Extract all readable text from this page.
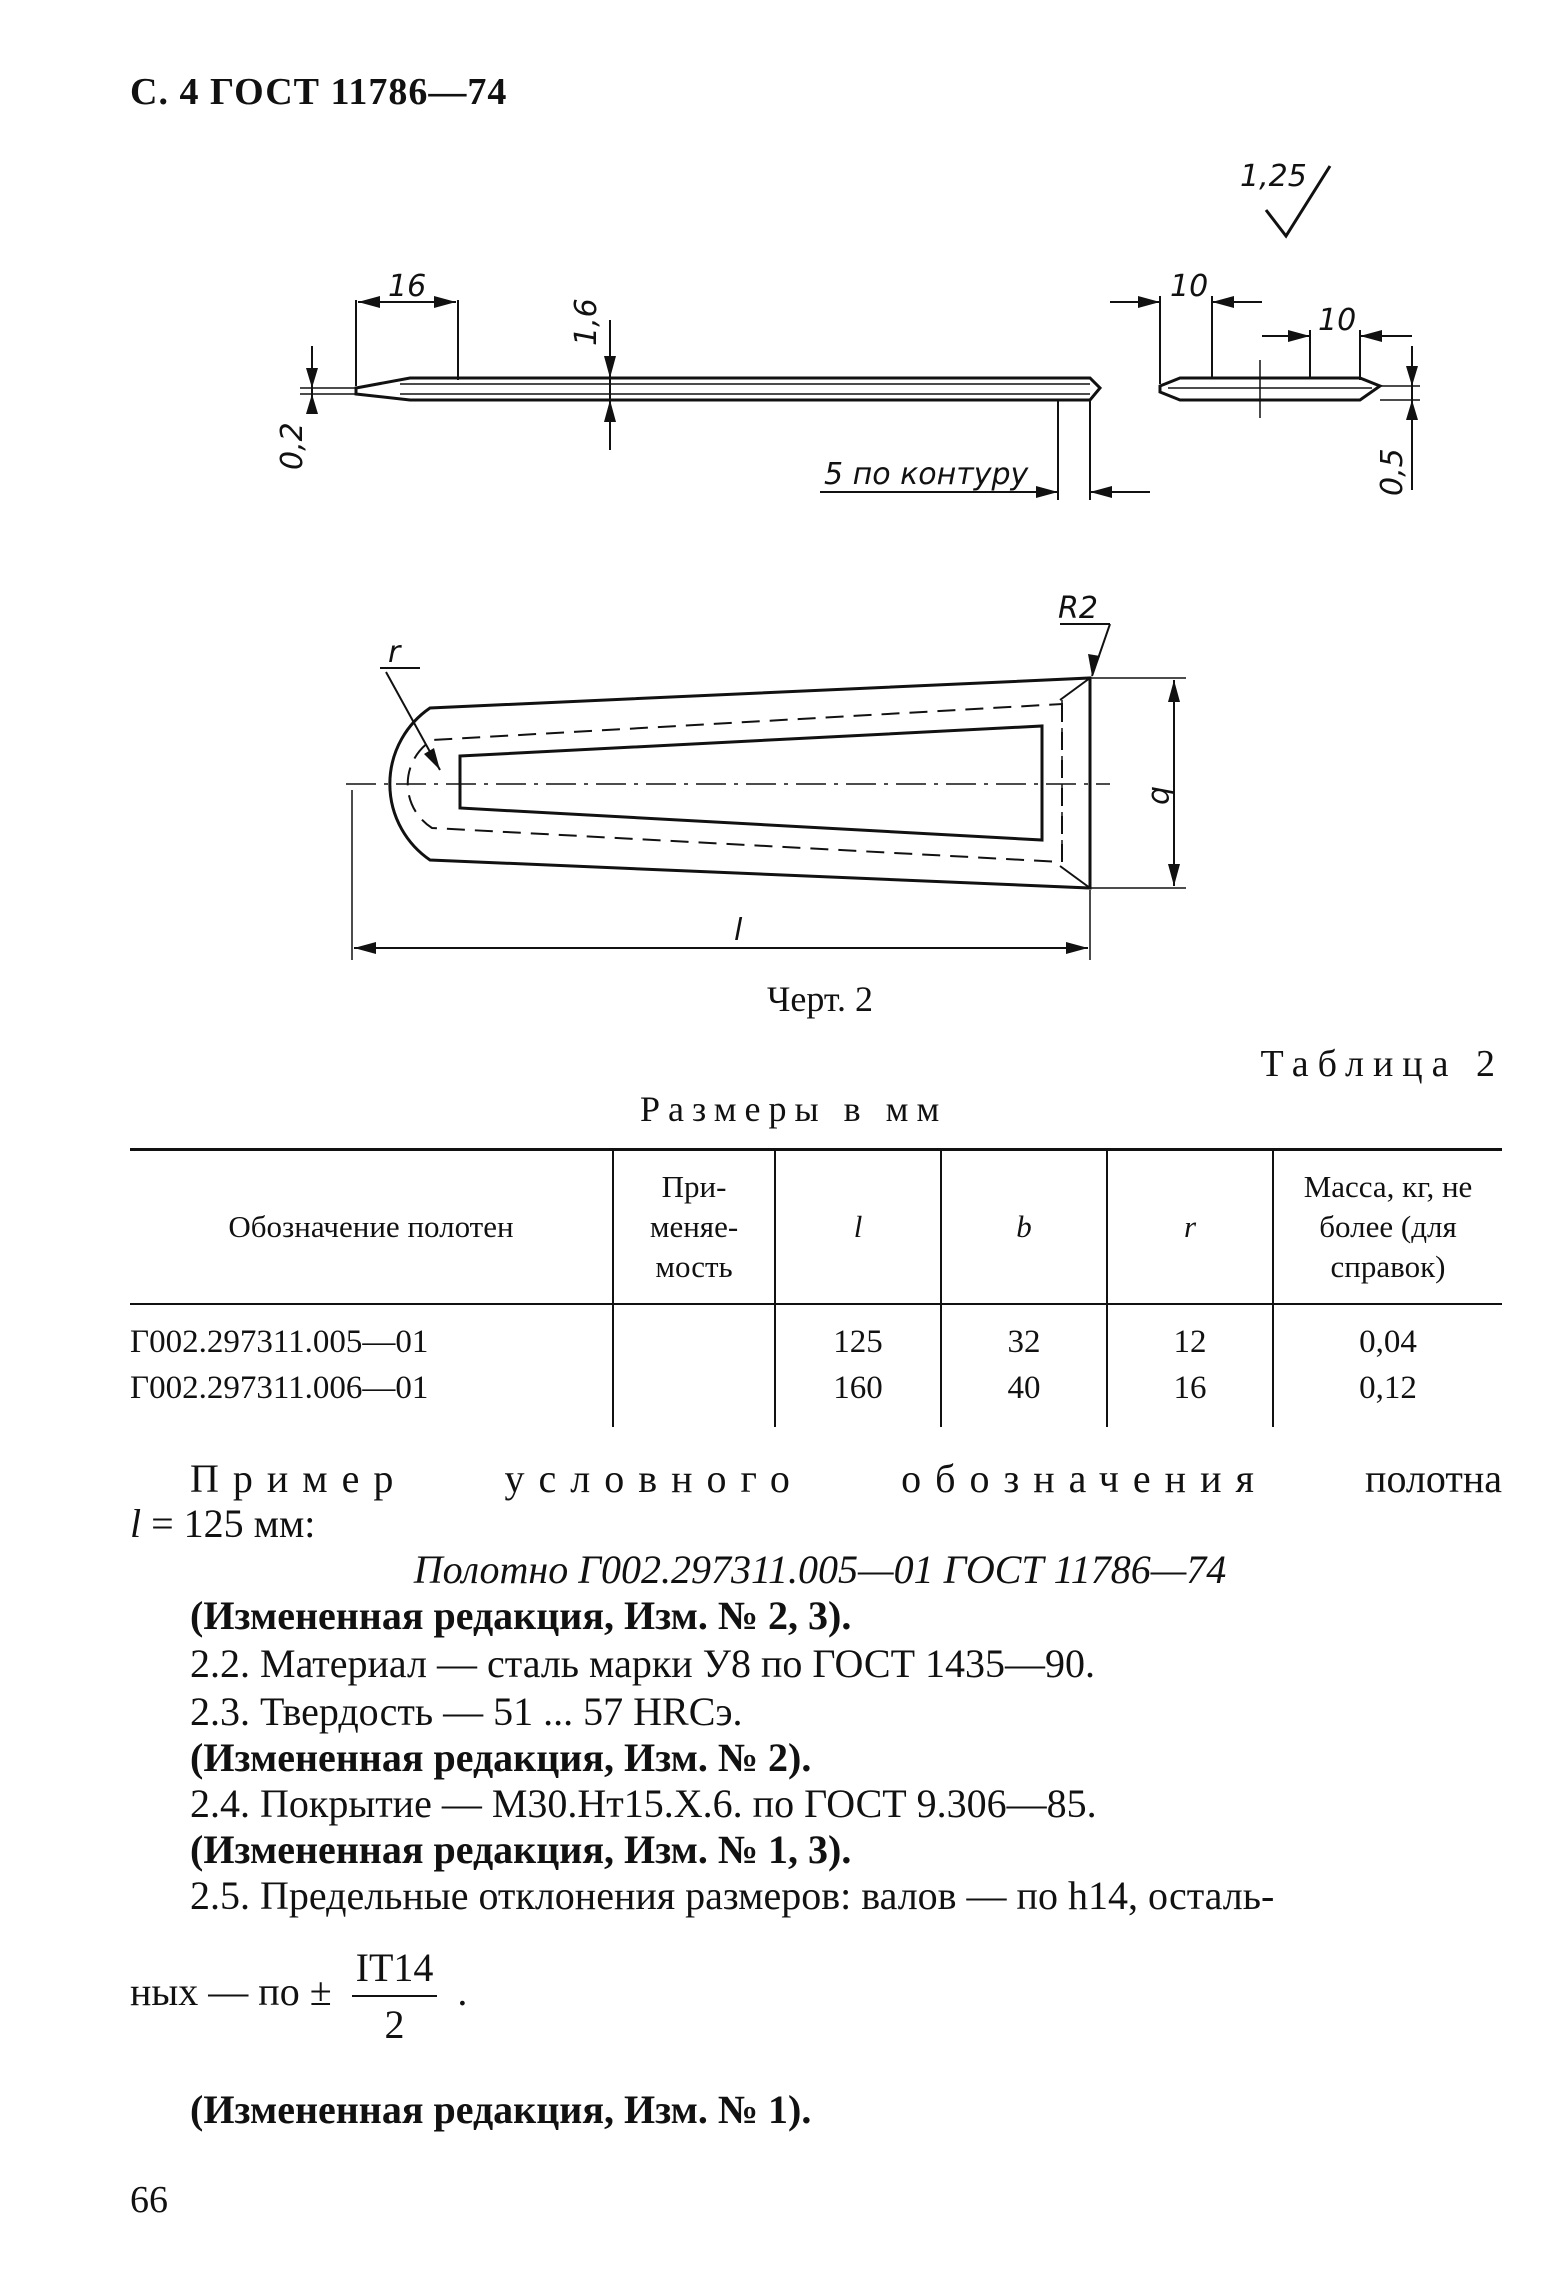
С. 4 ГОСТ 11786—74
1,25
16
1,6
0,2
5 по контуру
10
10
0,5
r
R2
b
l
Черт. 2
Таблица 2
Размеры в мм
Обозначение полотен	При-
меняе-
мость	l	b	r	Масса, кг, не
более (для
справок)
Г002.297311.005—01		125	32	12	0,04
Г002.297311.006—01		160	40	16	0,12
Пример условного обозначения полотна
l = 125 мм:
Полотно Г002.297311.005—01 ГОСТ 11786—74
(Измененная редакция, Изм. № 2, 3).
2.2. Материал — сталь марки У8 по ГОСТ 1435—90.
2.3. Твердость — 51 ... 57 HRCэ.
(Измененная редакция, Изм. № 2).
2.4. Покрытие — М30.Нт15.Х.6. по ГОСТ 9.306—85.
(Измененная редакция, Изм. № 1, 3).
2.5. Предельные отклонения размеров: валов — по h14, осталь-
ных — по ± $\frac{IT14}{2}$ .
(Измененная редакция, Изм. № 1).
66
